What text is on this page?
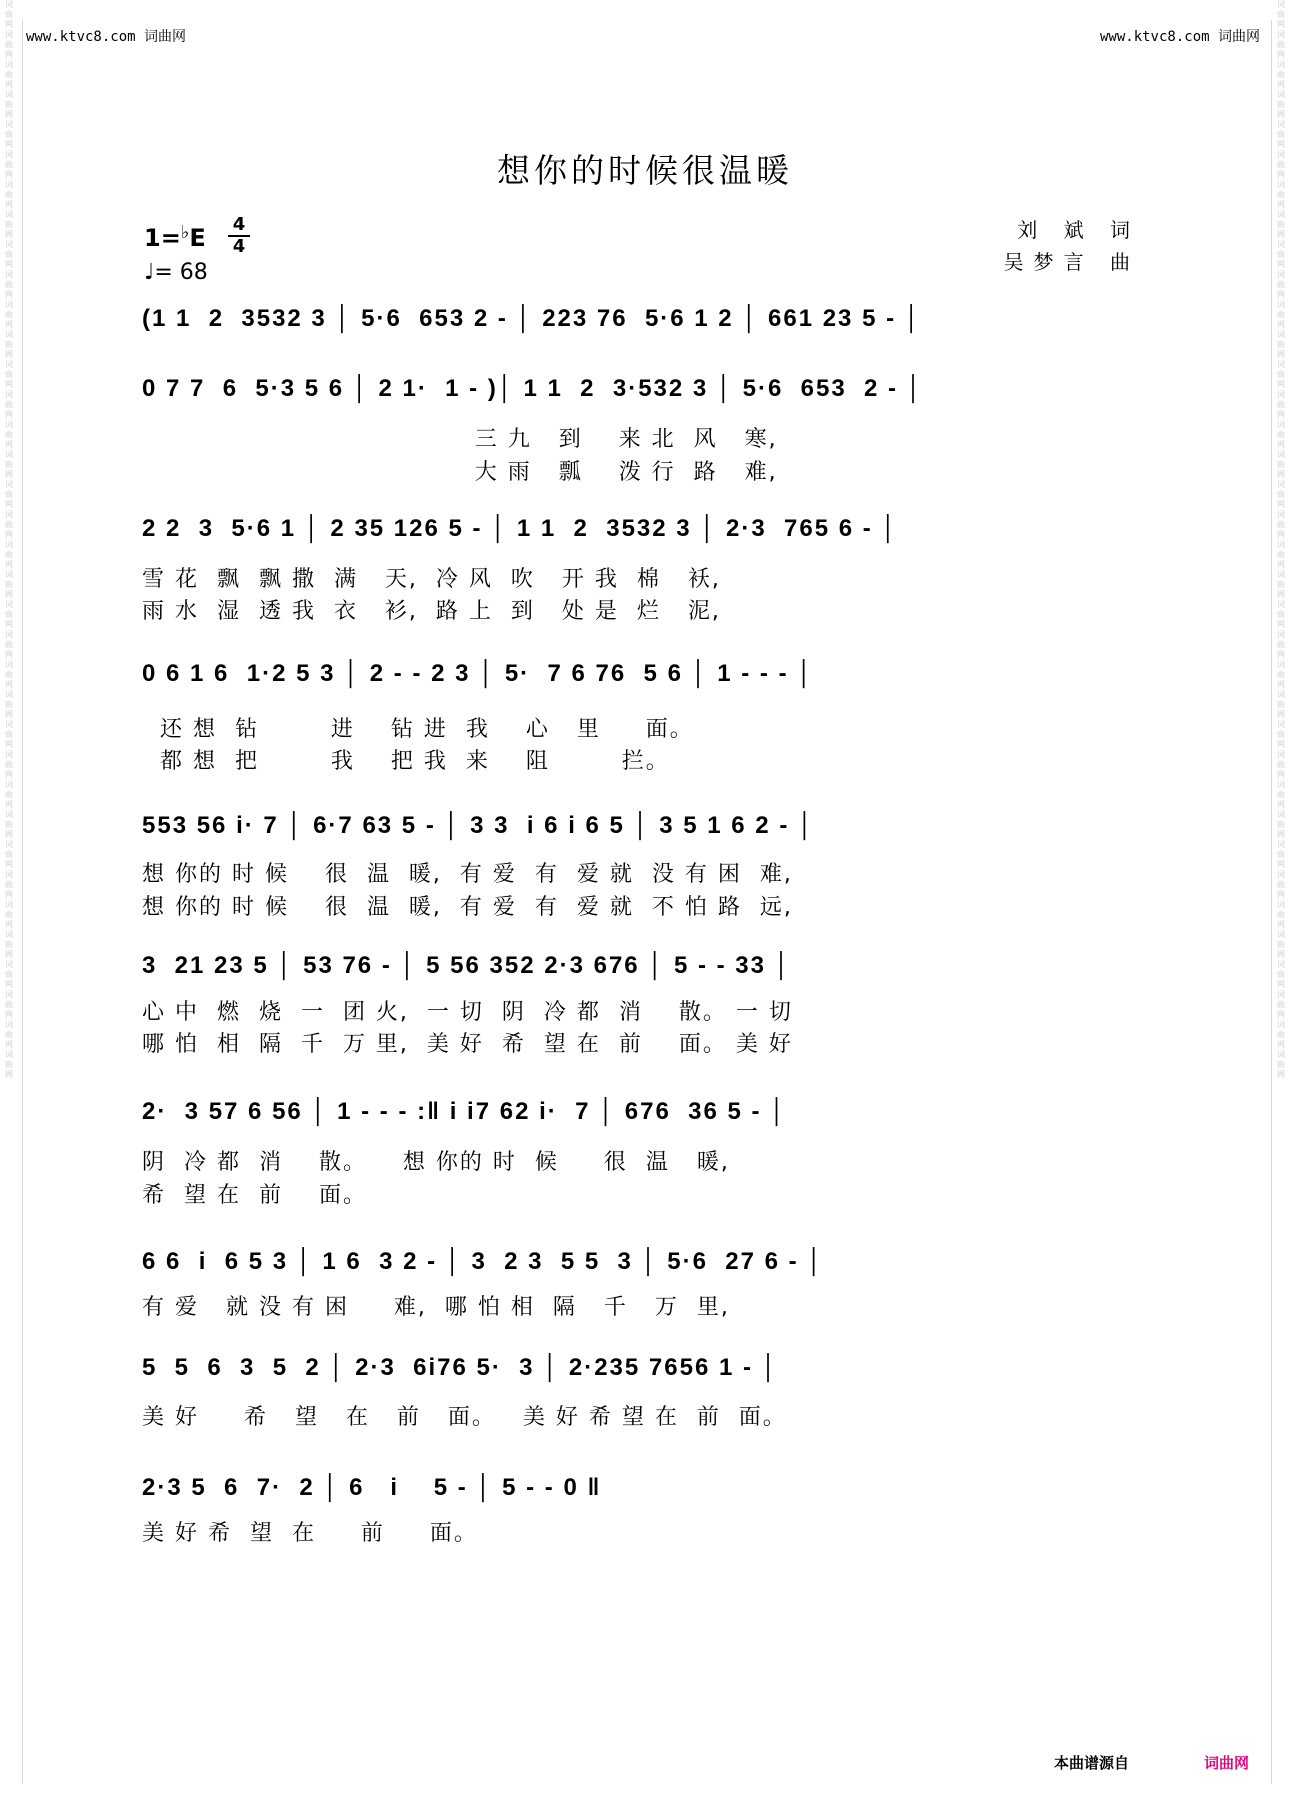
词曲网 词曲网 词曲网 词曲网 词曲网 词曲网 词曲网 词曲网 词曲网 词曲网 词曲网 词曲网 词曲网 词曲网 词曲网 词曲网 词曲网 词曲网 词曲网 词曲网 词曲网 词曲网 词曲网 词曲网 词曲网 词曲网 词曲网 词曲网 词曲网 词曲网 词曲网 词曲网 词曲网 词曲网 词曲网 词曲网
词曲网 词曲网 词曲网 词曲网 词曲网 词曲网 词曲网 词曲网 词曲网 词曲网 词曲网 词曲网 词曲网 词曲网 词曲网 词曲网 词曲网 词曲网 词曲网 词曲网 词曲网 词曲网 词曲网 词曲网 词曲网 词曲网 词曲网 词曲网 词曲网 词曲网 词曲网 词曲网 词曲网 词曲网 词曲网 词曲网
www.ktvc8.com 词曲网	www.ktvc8.com 词曲网
想你的时候很温暖
1=♭E 4
4
♩= 68
刘 斌 词
吴梦言 曲
(1 1  2  3532 3 │ 5·6  653 2 - │ 223 76  5·6 1 2 │ 661 23 5 - │
0 7 7  6  5·3 5 6 │ 2 1·  1 - )│ 1 1  2  3·532 3 │ 5·6  653  2 - │
三 九   到    来 北  风   寒,
大 雨   瓢    泼 行  路   难,
2 2  3  5·6 1 │ 2 35 126 5 - │ 1 1  2  3532 3 │ 2·3  765 6 - │
雪 花  飘  飘 撒  满   天,  冷 风  吹   开 我  棉   袄,
雨 水  湿  透 我  衣   衫,  路 上  到   处 是  烂   泥,
0 6 1 6  1·2 5 3 │ 2 - - 2 3 │ 5·  7 6 76  5 6 │ 1 - - - │
还 想  钻        进    钻 进  我    心   里     面。
都 想  把        我    把 我  来    阻        拦。
553 56 i· 7 │ 6·7 63 5 - │ 3 3  i 6 i 6 5 │ 3 5 1 6 2 - │
想 你的 时 候    很  温  暖,  有 爱  有  爱 就  没 有 困  难,
想 你的 时 候    很  温  暖,  有 爱  有  爱 就  不 怕 路  远,
3  21 23 5 │ 53 76 - │ 5 56 352 2·3 676 │ 5 - - 33 │
心 中  燃  烧  一  团 火,  一 切  阴  冷 都  消    散。 一 切
哪 怕  相  隔  千  万 里,  美 好  希  望 在  前    面。 美 好
2·  3 57 6 56 │ 1 - - - :‖ i i7 62 i·  7 │ 676  36 5 - │
阴  冷 都  消    散。    想 你的 时  候     很  温   暖,
希  望 在  前    面。
6 6  i  6 5 3 │ 1 6  3 2 - │ 3  2 3  5 5  3 │ 5·6  27 6 - │
有 爱   就 没 有 困     难,  哪 怕 相  隔   千   万  里,
5  5  6  3  5  2 │ 2·3  6i76 5·  3 │ 2·235 7656 1 - │
美 好     希   望   在   前   面。   美 好 希 望 在  前  面。
2·3 5  6  7·  2 │ 6   i    5 - │ 5 - - 0 ‖
美 好 希  望  在     前     面。
本曲谱源自	词曲网
